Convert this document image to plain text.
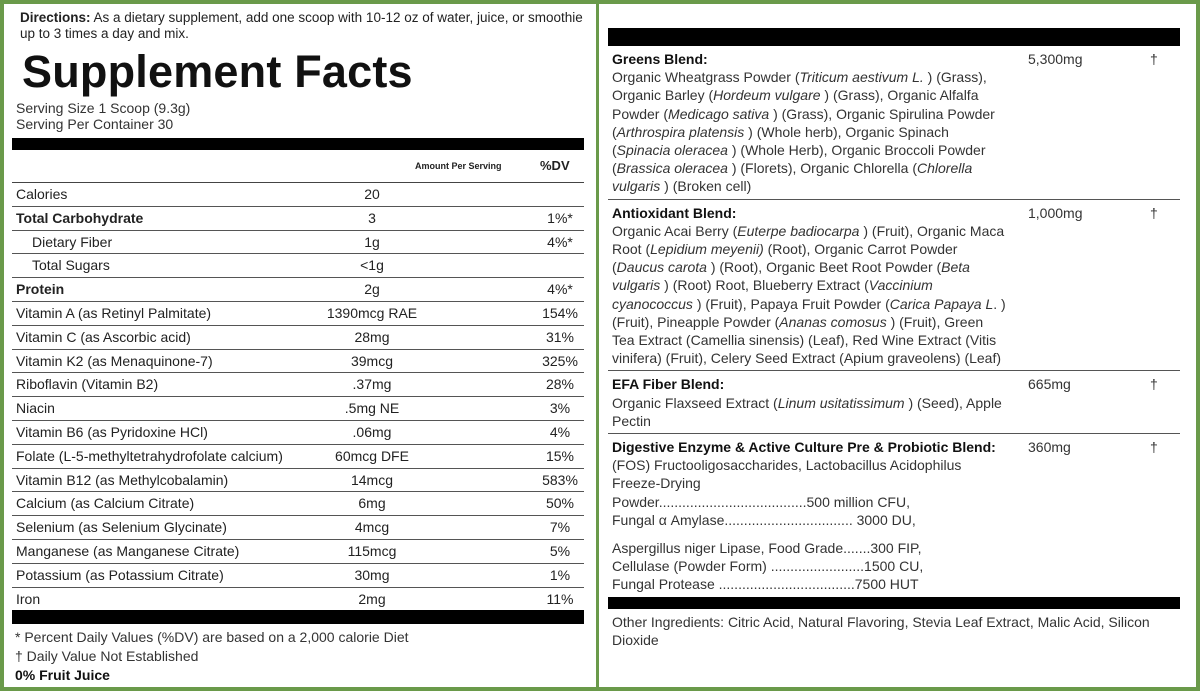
Directions: As a dietary supplement, add one scoop with 10-12 oz of water, juice, or smoothie up to 3 times a day and mix.
Supplement Facts
Serving Size 1 Scoop (9.3g)
Serving Per Container 30
Amount Per Serving	%DV
Calories	20
Total Carbohydrate	3	1%*
Dietary Fiber	1g	4%*
Total Sugars	<1g
Protein	2g	4%*
Vitamin A (as Retinyl Palmitate)	1390mcg RAE	154%
Vitamin C (as Ascorbic acid)	28mg	31%
Vitamin K2 (as Menaquinone-7)	39mcg	325%
Riboflavin (Vitamin B2)	.37mg	28%
Niacin	.5mg NE	3%
Vitamin B6 (as Pyridoxine HCl)	.06mg	4%
Folate (L-5-methyltetrahydrofolate calcium)	60mcg DFE	15%
Vitamin B12 (as Methylcobalamin)	14mcg	583%
Calcium (as Calcium Citrate)	6mg	50%
Selenium (as Selenium Glycinate)	4mcg	7%
Manganese (as Manganese Citrate)	115mcg	5%
Potassium (as Potassium Citrate)	30mg	1%
Iron	2mg	11%
* Percent Daily Values (%DV) are based on a 2,000 calorie Diet
† Daily Value Not Established
0% Fruit Juice
Greens Blend:
Organic Wheatgrass Powder (Triticum aestivum L. ) (Grass), Organic Barley (Hordeum vulgare ) (Grass), Organic Alfalfa Powder (Medicago sativa ) (Grass), Organic Spirulina Powder (Arthrospira platensis ) (Whole herb), Organic Spinach (Spinacia oleracea ) (Whole Herb), Organic Broccoli Powder (Brassica oleracea ) (Florets), Organic Chlorella (Chlorella vulgaris ) (Broken cell)
5,300mg	†
Antioxidant Blend:
Organic Acai Berry (Euterpe badiocarpa ) (Fruit), Organic Maca Root (Lepidium meyenii) (Root), Organic Carrot Powder (Daucus carota ) (Root), Organic Beet Root Powder (Beta vulgaris ) (Root) Root, Blueberry Extract (Vaccinium cyanococcus ) (Fruit), Papaya Fruit Powder (Carica Papaya L. ) (Fruit), Pineapple Powder (Ananas comosus ) (Fruit), Green Tea Extract (Camellia sinensis) (Leaf), Red Wine Extract (Vitis vinifera) (Fruit), Celery Seed Extract (Apium graveolens) (Leaf)
1,000mg	†
EFA Fiber Blend:
Organic Flaxseed Extract (Linum usitatissimum ) (Seed), Apple Pectin
665mg	†
Digestive Enzyme & Active Culture Pre & Probiotic Blend: (FOS) Fructooligosaccharides, Lactobacillus Acidophilus Freeze-Drying
Powder......................................500 million CFU,
Fungal α Amylase................................. 3000 DU,
Aspergillus niger Lipase, Food Grade.......300 FIP,
Cellulase (Powder Form) ........................1500 CU,
Fungal Protease ...................................7500 HUT
360mg	†
Other Ingredients: Citric Acid, Natural Flavoring, Stevia Leaf Extract, Malic Acid, Silicon Dioxide
